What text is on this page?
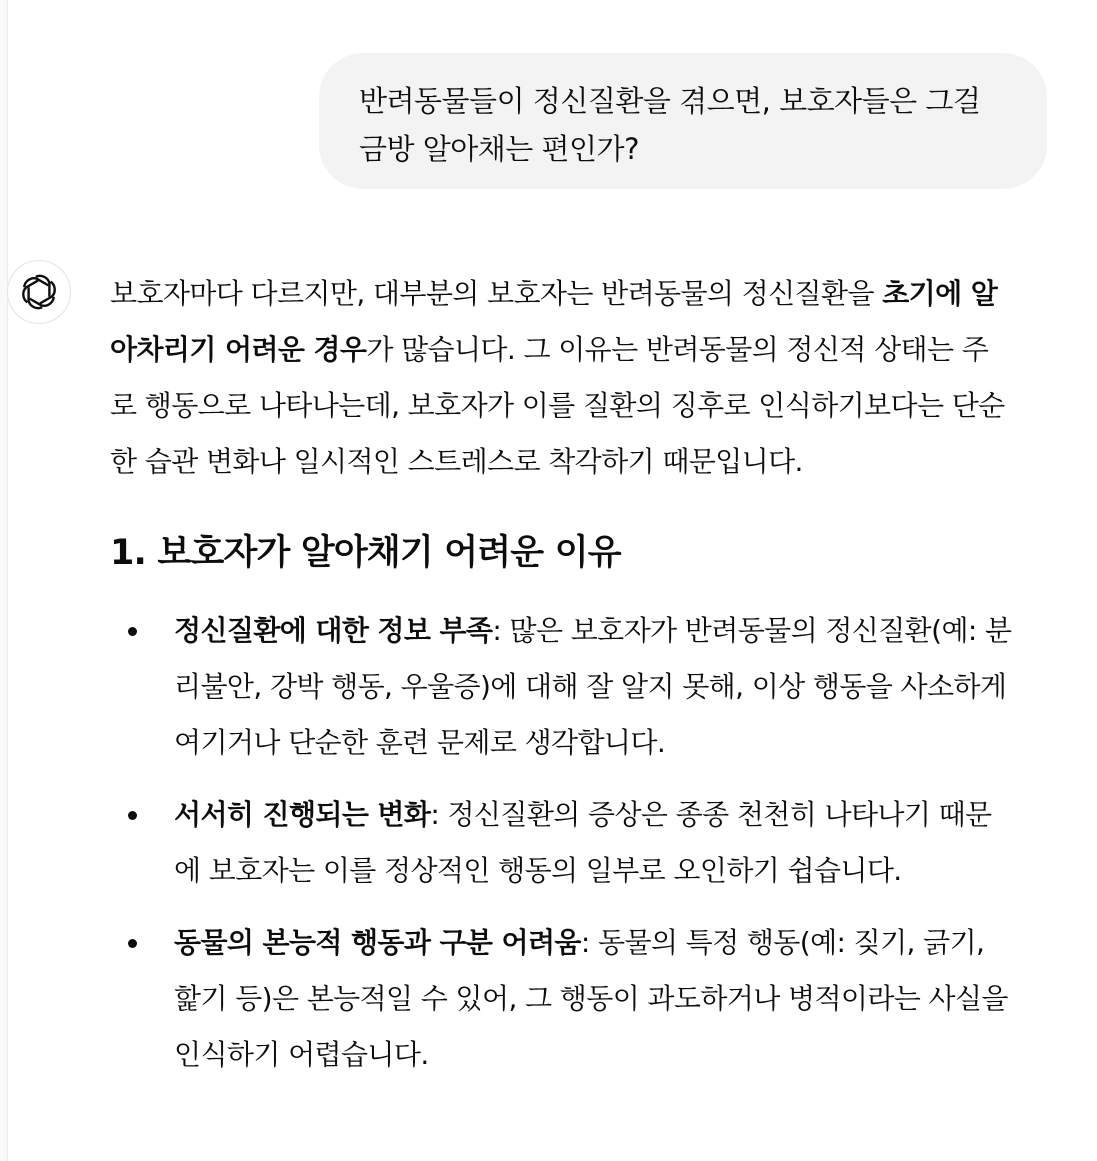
반려동물들이 정신질환을 겪으면, 보호자들은 그걸
금방 알아채는 편인가?
보호자마다 다르지만, 대부분의 보호자는 반려동물의 정신질환을 초기에 알
아차리기 어려운 경우가 많습니다. 그 이유는 반려동물의 정신적 상태는 주
로 행동으로 나타나는데, 보호자가 이를 질환의 징후로 인식하기보다는 단순
한 습관 변화나 일시적인 스트레스로 착각하기 때문입니다.
1. 보호자가 알아채기 어려운 이유
정신질환에 대한 정보 부족: 많은 보호자가 반려동물의 정신질환(예: 분
리불안, 강박 행동, 우울증)에 대해 잘 알지 못해, 이상 행동을 사소하게
여기거나 단순한 훈련 문제로 생각합니다.
서서히 진행되는 변화: 정신질환의 증상은 종종 천천히 나타나기 때문
에 보호자는 이를 정상적인 행동의 일부로 오인하기 쉽습니다.
동물의 본능적 행동과 구분 어려움: 동물의 특정 행동(예: 짖기, 긁기,
핥기 등)은 본능적일 수 있어, 그 행동이 과도하거나 병적이라는 사실을
인식하기 어렵습니다.
